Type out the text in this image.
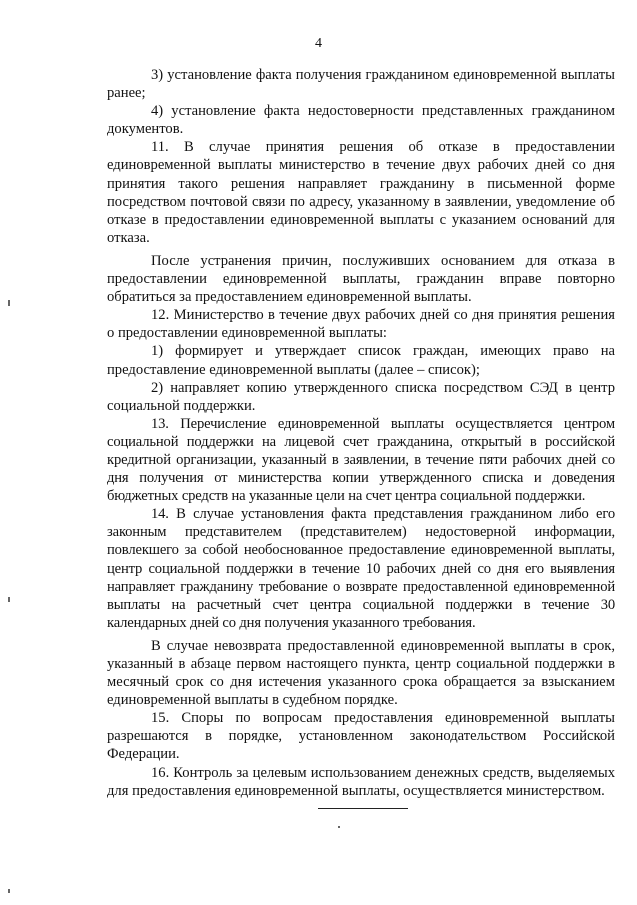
4

3) установление факта получения гражданином единовременной выплаты ранее;

4) установление факта недостоверности представленных гражданином документов.

11. В случае принятия решения об отказе в предоставлении единовременной выплаты министерство в течение двух рабочих дней со дня принятия такого решения направляет гражданину в письменной форме посредством почтовой связи по адресу, указанному в заявлении, уведомление об отказе в предоставлении единовременной выплаты с указанием оснований для отказа.

После устранения причин, послуживших основанием для отказа в предоставлении единовременной выплаты, гражданин вправе повторно обратиться за предоставлением единовременной выплаты.

12. Министерство в течение двух рабочих дней со дня принятия решения о предоставлении единовременной выплаты:

1) формирует и утверждает список граждан, имеющих право на предоставление единовременной выплаты (далее – список);

2) направляет копию утвержденного списка посредством СЭД в центр социальной поддержки.

13. Перечисление единовременной выплаты осуществляется центром социальной поддержки на лицевой счет гражданина, открытый в российской кредитной организации, указанный в заявлении, в течение пяти рабочих дней со дня получения от министерства копии утвержденного списка и доведения бюджетных средств на указанные цели на счет центра социальной поддержки.

14. В случае установления факта представления гражданином либо его законным представителем (представителем) недостоверной информации, повлекшего за собой необоснованное предоставление единовременной выплаты, центр социальной поддержки в течение 10 рабочих дней со дня его выявления направляет гражданину требование о возврате предоставленной единовременной выплаты на расчетный счет центра социальной поддержки в течение 30 календарных дней со дня получения указанного требования.

В случае невозврата предоставленной единовременной выплаты в срок, указанный в абзаце первом настоящего пункта, центр социальной поддержки в месячный срок со дня истечения указанного срока обращается за взысканием единовременной выплаты в судебном порядке.

15. Споры по вопросам предоставления единовременной выплаты разрешаются в порядке, установленном законодательством Российской Федерации.

16. Контроль за целевым использованием денежных средств, выделяемых для предоставления единовременной выплаты, осуществляется министерством.
